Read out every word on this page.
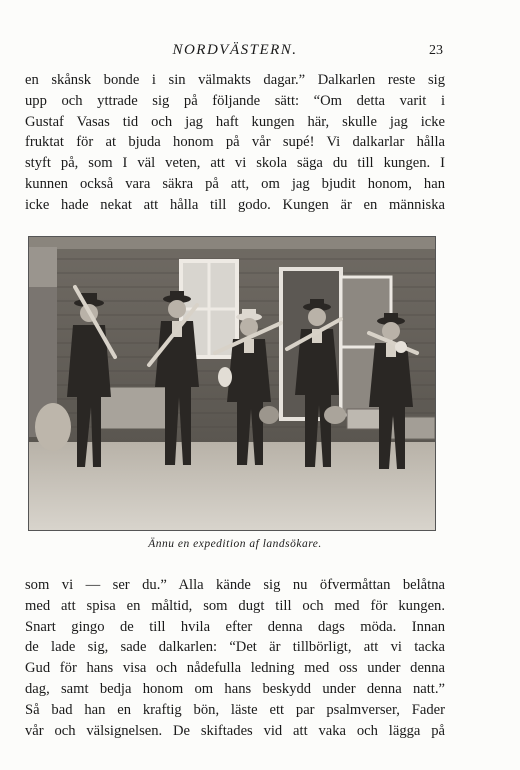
NORDVÄSTERN.	23
en skånsk bonde i sin välmakts dagar.” Dalkarlen reste sig
upp och yttrade sig på följande sätt: “Om detta varit i
Gustaf Vasas tid och jag haft kungen här, skulle jag icke
fruktat för at bjuda honom på vår supé! Vi dalkarlar hålla
styft på, som I väl veten, att vi skola säga du till kungen. I
kunnen också vara säkra på att, om jag bjudit honom, han
icke hade nekat att hålla till godo. Kungen är en människa
Ännu en expedition af landsökare.
som vi — ser du.” Alla kände sig nu öfvermåttan belåtna
med att spisa en måltid, som dugt till och med för kungen.
Snart gingo de till hvila efter denna dags möda. Innan
de lade sig, sade dalkarlen: “Det är tillbörligt, att vi tacka
Gud för hans visa och nådefulla ledning med oss under denna
dag, samt bedja honom om hans beskydd under denna natt.”
Så bad han en kraftig bön, läste ett par psalmverser, Fader
vår och välsignelsen. De skiftades vid att vaka och lägga på
